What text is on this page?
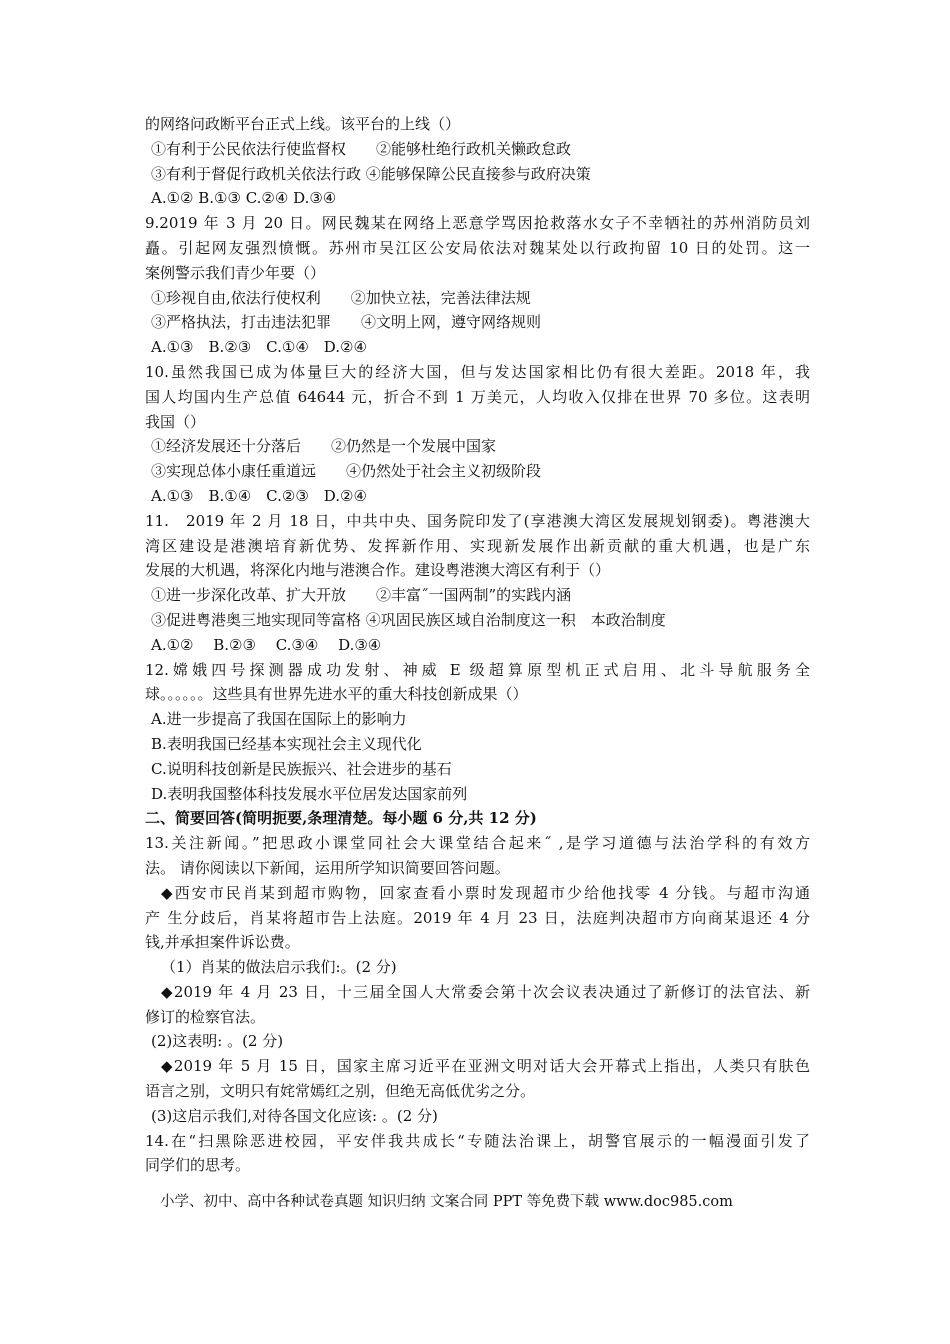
的网络问政断平台正式上线。该平台的上线（）
①有利于公民依法行使监督权　　②能够杜绝行政机关懒政怠政
③有利于督促行政机关依法行政 ④能够保障公民直接参与政府决策
A.①② B.①③ C.②④ D.③④
9.2019 年 3 月 20 日。网民魏某在网络上恶意学骂因抢救落水女子不幸牺社的苏州消防员刘
矗。引起网友强烈愤慨。苏州市吴江区公安局依法对魏某处以行政拘留 10 日的处罚。这一
案例警示我们青少年要（）
①珍视自由,依法行使权利　　②加快立祛，完善法律法规
③严格执法，打击违法犯罪　　④文明上网，遵守网络规则
A.①③　B.②③　C.①④　D.②④
10.虽然我国已成为体量巨大的经济大国，但与发达国家相比仍有很大差距。2018 年，我
国人均国内生产总值 64644 元，折合不到 1 万美元，人均收入仅排在世界 70 多位。这表明
我国（）
①经济发展还十分落后　　②仍然是一个发展中国家
③实现总体小康任重道远　　④仍然处于社会主义初级阶段
A.①③　B.①④　C.②③　D.②④
11.　2019 年 2 月 18 日，中共中央、国务院印发了(享港澳大湾区发展规划钢委)。粤港澳大
湾区建设是港澳培育新优势、发挥新作用、实现新发展作出新贡献的重大机遇，也是广东
发展的大机遇，将深化内地与港澳合作。建设粤港澳大湾区有利于（）
①进一步深化改革、扩大开放　　②丰富˝一国两制”的实践内涵
③促进粤港奥三地实现同等富格 ④巩固民族区域自治制度这一积　本政治制度
A.①②　 B.②③　 C.③④　 D.③④
12.嫦娥四号探测器成功发射、神威 E 级超算原型机正式启用、北斗导航服务全
球。。。。。。这些具有世界先进水平的重大科技创新成果（）
A.进一步提高了我国在国际上的影响力
B.表明我国已经基本实现社会主义现代化
C.说明科技创新是民族振兴、社会进步的基石
D.表明我国整体科技发展水平位居发达国家前列
二、简要回答(简明扼要,条理清楚。每小题 6 分,共 12 分)
13.关注新闻。”把思政小课堂同社会大课堂结合起来˝ ,是学习道德与法治学科的有效方
法。 请你阅读以下新闻，运用所学知识简要回答问题。
◆西安市民肖某到超市购物，回家查看小票时发现超市少给他找零 4 分钱。与超市沟通
产 生分歧后，肖某将超市告上法庭。2019 年 4 月 23 日，法庭判决超市方向商某退还 4 分
钱,并承担案件诉讼费。
（1）肖某的做法启示我们:。(2 分)
◆2019 年 4 月 23 日，十三届全国人大常委会第十次会议表决通过了新修订的法官法、新
修订的检察官法。
(2)这表明: 。(2 分)
◆2019 年 5 月 15 日，国家主席习近平在亚洲文明对话大会开幕式上指出，人类只有肤色
语言之别，文明只有姹常嫣红之别，但绝无高低优劣之分。
(3)这启示我们,对待各国文化应该: 。(2 分)
14.在“扫黑除恶进校园，平安伴我共成长“专随法治课上，胡警官展示的一幅漫面引发了
同学们的思考。
小学、初中、高中各种试卷真题 知识归纳 文案合同 PPT 等免费下载 www.doc985.com
